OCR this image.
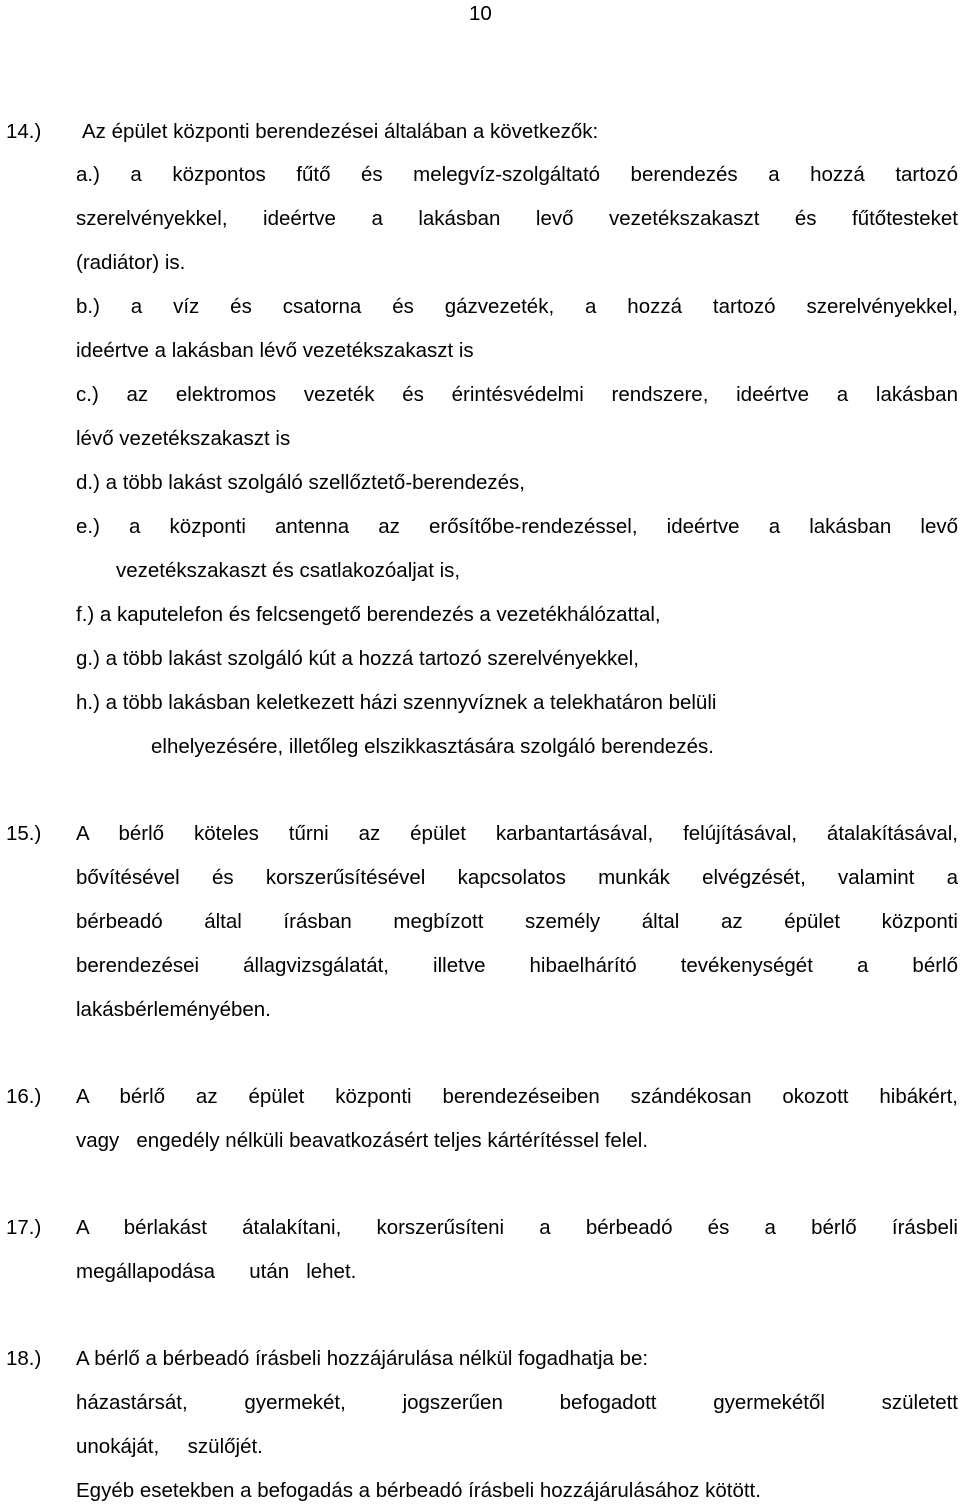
10
14.) Az épület központi berendezései általában a következők:
a.) a központos fűtő és melegvíz-szolgáltató berendezés a hozzá tartozó
szerelvényekkel, ideértve a lakásban levő vezetékszakaszt és fűtőtesteket
(radiátor) is.
b.) a víz és csatorna és gázvezeték, a hozzá tartozó szerelvényekkel,
ideértve a lakásban lévő vezetékszakaszt is
c.) az elektromos vezeték és érintésvédelmi rendszere, ideértve a lakásban
lévő vezetékszakaszt is
d.) a több lakást szolgáló szellőztető-berendezés,
e.) a központi antenna az erősítőbe-rendezéssel, ideértve a lakásban levő
vezetékszakaszt és csatlakozóaljat is,
f.) a kaputelefon és felcsengető berendezés a vezetékhálózattal,
g.) a több lakást szolgáló kút a hozzá tartozó szerelvényekkel,
h.) a több lakásban keletkezett házi szennyvíznek a telekhatáron belüli
elhelyezésére, illetőleg elszikkasztására szolgáló berendezés.
15.) A bérlő köteles tűrni az épület karbantartásával, felújításával, átalakításával,
bővítésével és korszerűsítésével kapcsolatos munkák elvégzését, valamint a
bérbeadó által írásban megbízott személy által az épület központi
berendezései állagvizsgálatát, illetve hibaelhárító tevékenységét a bérlő
lakásbérleményében.
16.) A bérlő az épület központi berendezéseiben szándékosan okozott hibákért,
vagy   engedély nélküli beavatkozásért teljes kártérítéssel felel.
17.) A bérlakást átalakítani, korszerűsíteni a bérbeadó és a bérlő írásbeli
megállapodása      után   lehet.
18.) A bérlő a bérbeadó írásbeli hozzájárulása nélkül fogadhatja be:
házastársát, gyermekét, jogszerűen befogadott gyermekétől született
unokáját,     szülőjét.
Egyéb esetekben a befogadás a bérbeadó írásbeli hozzájárulásához kötött.
